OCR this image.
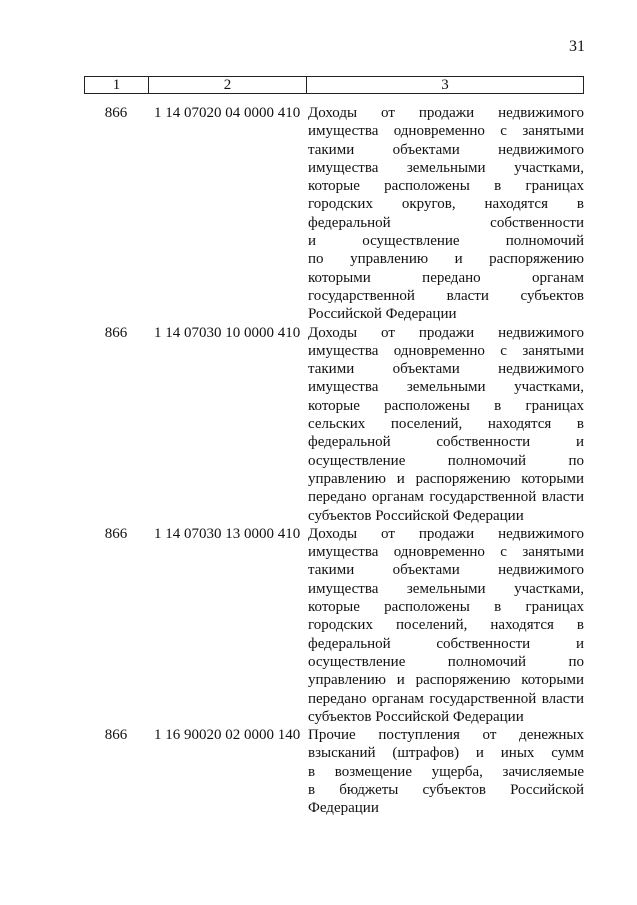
31
1	2	3
866	1 14 07020 04 0000 410 Доходы от продажи недвижимого
имущества одновременно с занятыми
такими объектами недвижимого
имущества земельными участками,
которые расположены в границах
городских округов, находятся в
федеральной собственности
и осуществление полномочий
по управлению и распоряжению
которыми передано органам
государственной власти субъектов
Российской Федерации
866	1 14 07030 10 0000 410 Доходы от продажи недвижимого
имущества одновременно с занятыми
такими объектами недвижимого
имущества земельными участками,
которые расположены в границах
сельских поселений, находятся в
федеральной собственности и
осуществление полномочий по
управлению и распоряжению которыми
передано органам государственной власти
субъектов Российской Федерации
866	1 14 07030 13 0000 410 Доходы от продажи недвижимого
имущества одновременно с занятыми
такими объектами недвижимого
имущества земельными участками,
которые расположены в границах
городских поселений, находятся в
федеральной собственности и
осуществление полномочий по
управлению и распоряжению которыми
передано органам государственной власти
субъектов Российской Федерации
866	1 16 90020 02 0000 140 Прочие поступления от денежных
взысканий (штрафов) и иных сумм
в возмещение ущерба, зачисляемые
в бюджеты субъектов Российской
Федерации
